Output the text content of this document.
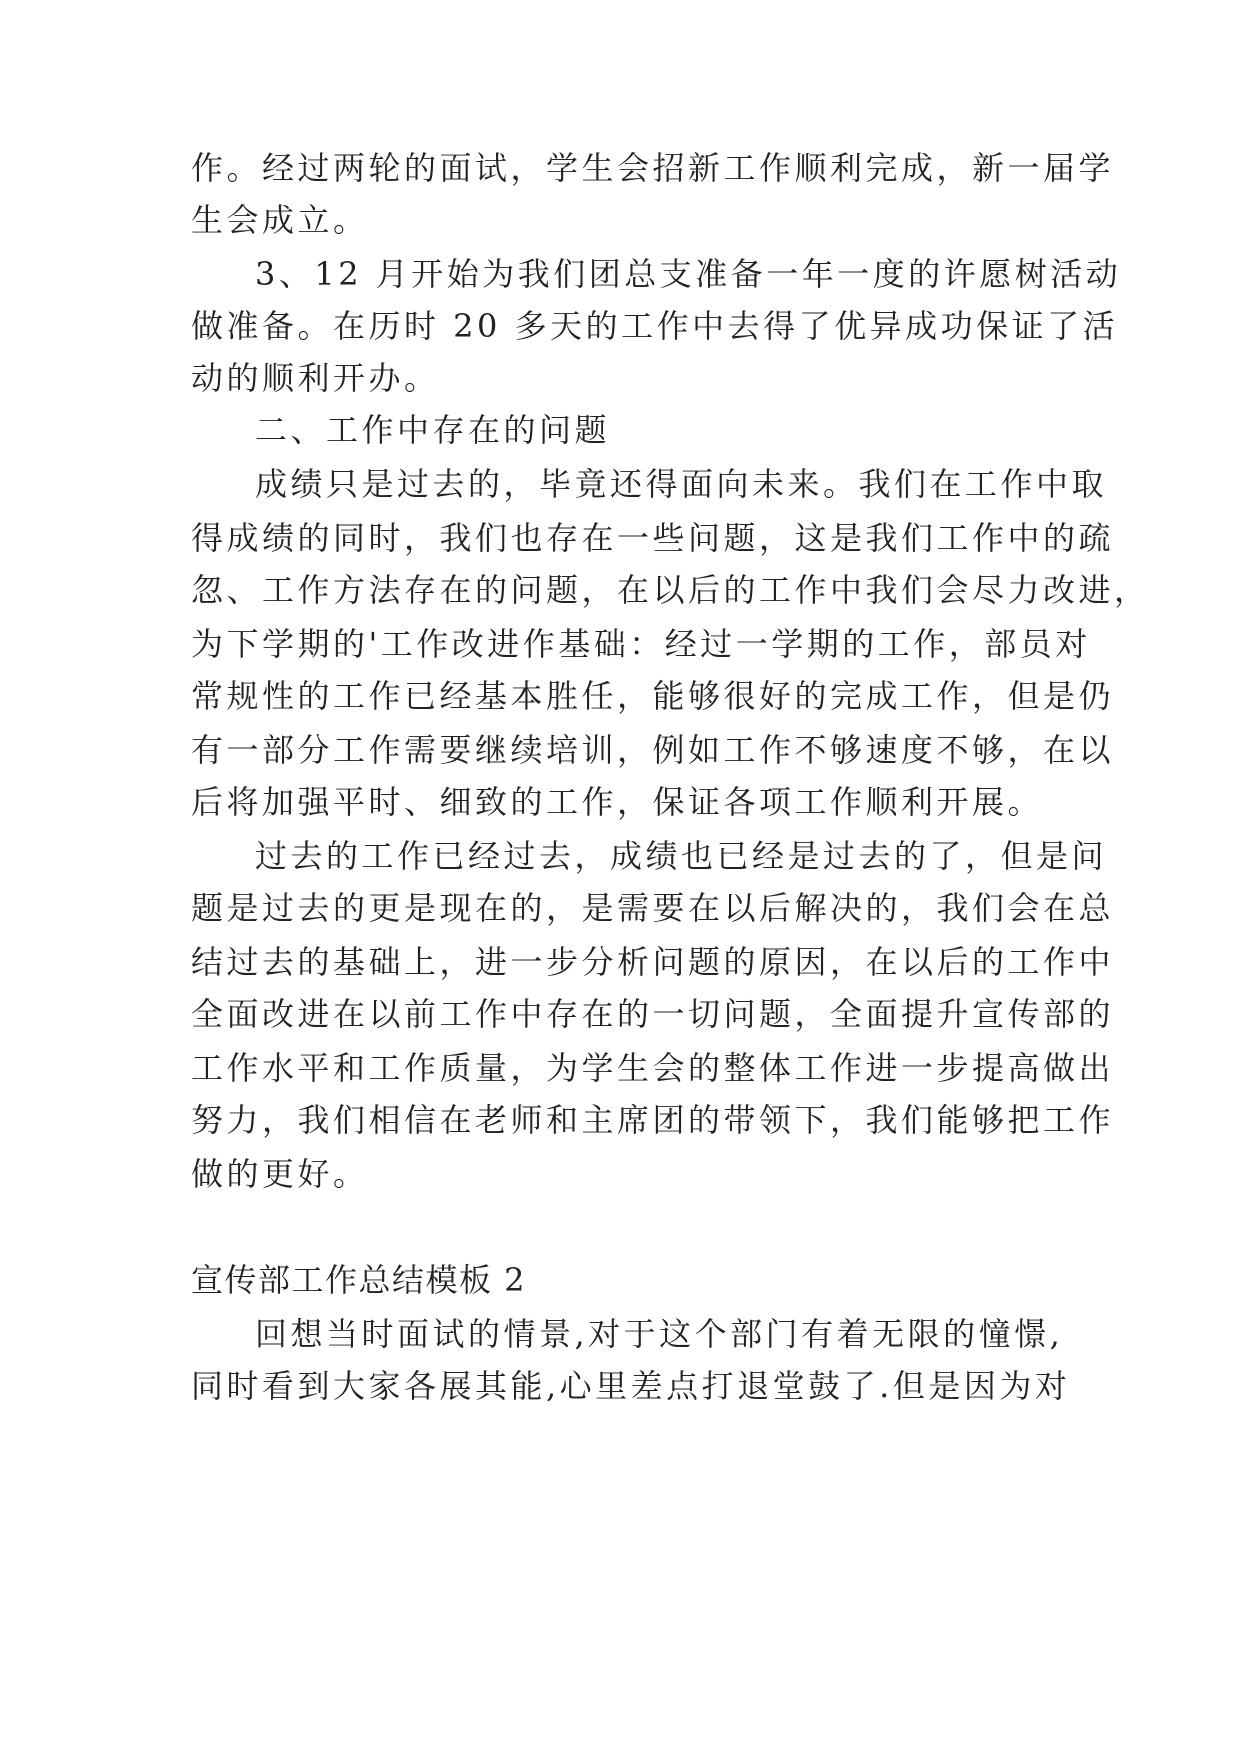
作。经过两轮的面试，学生会招新工作顺利完成，新一届学
生会成立。
3、12 月开始为我们团总支准备一年一度的许愿树活动
做准备。在历时 20 多天的工作中去得了优异成功保证了活
动的顺利开办。
二、工作中存在的问题
成绩只是过去的，毕竟还得面向未来。我们在工作中取
得成绩的同时，我们也存在一些问题，这是我们工作中的疏
忽、工作方法存在的问题，在以后的工作中我们会尽力改进，
为下学期的'工作改进作基础：经过一学期的工作，部员对
常规性的工作已经基本胜任，能够很好的完成工作，但是仍
有一部分工作需要继续培训，例如工作不够速度不够，在以
后将加强平时、细致的工作，保证各项工作顺利开展。
过去的工作已经过去，成绩也已经是过去的了，但是问
题是过去的更是现在的，是需要在以后解决的，我们会在总
结过去的基础上，进一步分析问题的原因，在以后的工作中
全面改进在以前工作中存在的一切问题，全面提升宣传部的
工作水平和工作质量，为学生会的整体工作进一步提高做出
努力，我们相信在老师和主席团的带领下，我们能够把工作
做的更好。
宣传部工作总结模板 2
回想当时面试的情景,对于这个部门有着无限的憧憬,
同时看到大家各展其能,心里差点打退堂鼓了.但是因为对
